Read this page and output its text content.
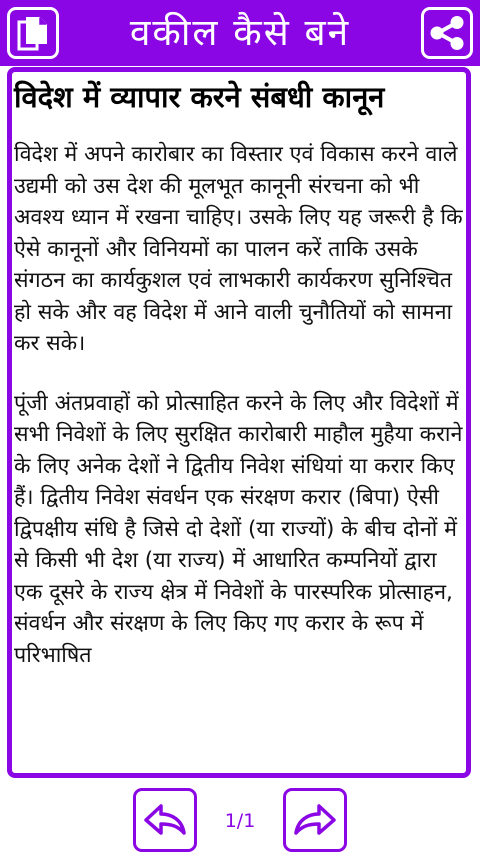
वकील कैसे बने
विदेश में व्यापार करने संबधी कानून

विदेश में अपने कारोबार का विस्तार एवं विकास करने वाले उद्यमी को उस देश की मूलभूत कानूनी संरचना को भी अवश्य ध्यान में रखना चाहिए। उसके लिए यह जरूरी है कि ऐसे कानूनों और विनियमों का पालन करें ताकि उसके संगठन का कार्यकुशल एवं लाभकारी कार्यकरण सुनिश्चित हो सके और वह विदेश में आने वाली चुनौतियों को सामना कर सके।

पूंजी अंतप्रवाहों को प्रोत्साहित करने के लिए और विदेशों में सभी निवेशों के लिए सुरक्षित कारोबारी माहौल मुहैया कराने के लिए अनेक देशों ने द्वितीय निवेश संधियां या करार किए हैं। द्वितीय निवेश संवर्धन एक संरक्षण करार (बिपा) ऐसी द्विपक्षीय संधि है जिसे दो देशों (या राज्यों) के बीच दोनों में से किसी भी देश (या राज्य) में आधारित कम्पनियों द्वारा एक दूसरे के राज्य क्षेत्र में निवेशों के पारस्परिक प्रोत्साहन, संवर्धन और संरक्षण के लिए किए गए करार के रूप में परिभाषित

1/1
